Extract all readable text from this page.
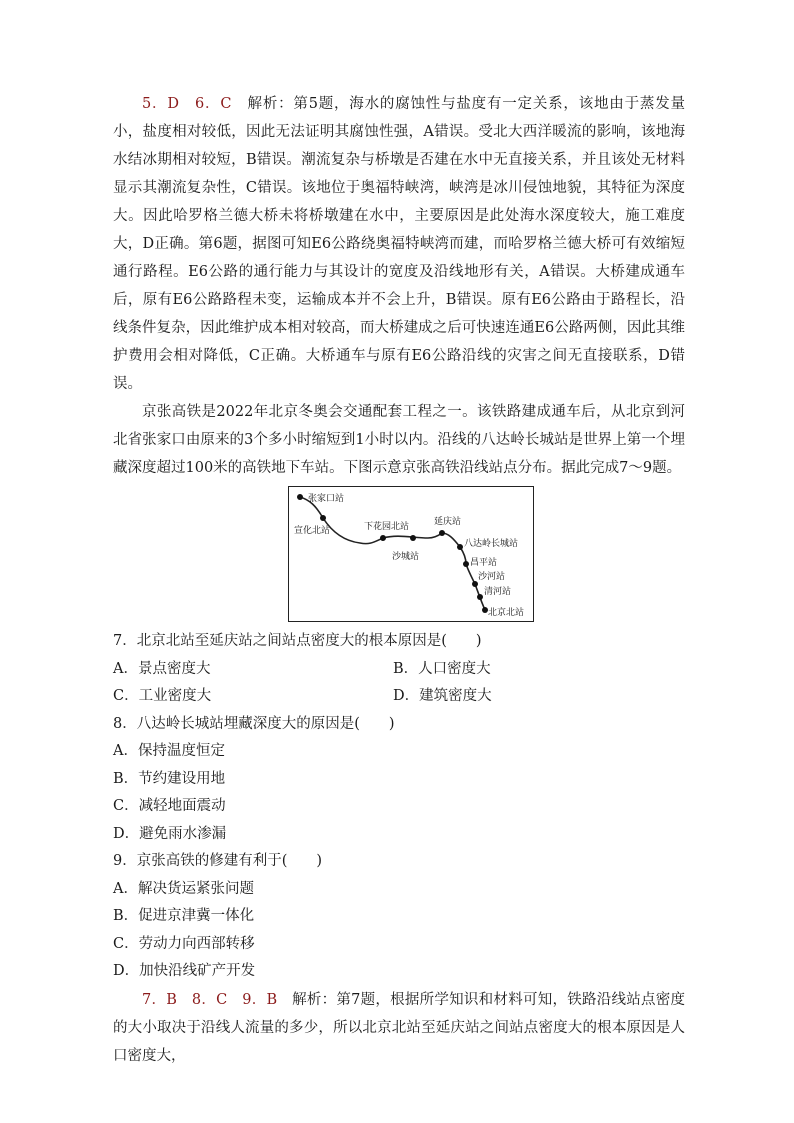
5．D　6．C　解析：第5题，海水的腐蚀性与盐度有一定关系，该地由于蒸发量小，盐度相对较低，因此无法证明其腐蚀性强，A错误。受北大西洋暖流的影响，该地海水结冰期相对较短，B错误。潮流复杂与桥墩是否建在水中无直接关系，并且该处无材料显示其潮流复杂性，C错误。该地位于奥福特峡湾，峡湾是冰川侵蚀地貌，其特征为深度大。因此哈罗格兰德大桥未将桥墩建在水中，主要原因是此处海水深度较大，施工难度大，D正确。第6题，据图可知E6公路绕奥福特峡湾而建，而哈罗格兰德大桥可有效缩短通行路程。E6公路的通行能力与其设计的宽度及沿线地形有关，A错误。大桥建成通车后，原有E6公路路程未变，运输成本并不会上升，B错误。原有E6公路由于路程长，沿线条件复杂，因此维护成本相对较高，而大桥建成之后可快速连通E6公路两侧，因此其维护费用会相对降低，C正确。大桥通车与原有E6公路沿线的灾害之间无直接联系，D错误。

京张高铁是2022年北京冬奥会交通配套工程之一。该铁路建成通车后，从北京到河北省张家口由原来的3个多小时缩短到1小时以内。沿线的八达岭长城站是世界上第一个埋藏深度超过100米的高铁地下车站。下图示意京张高铁沿线站点分布。据此完成7～9题。

张家口站
宣化北站	下花园北站
沙城站
延庆站
八达岭长城站
昌平站
沙河站
清河站
北京北站

7．北京北站至延庆站之间站点密度大的根本原因是(　　)

A．景点密度大	B．人口密度大

C．工业密度大	D．建筑密度大

8．八达岭长城站埋藏深度大的原因是(　　)

A．保持温度恒定

B．节约建设用地

C．减轻地面震动

D．避免雨水渗漏

9．京张高铁的修建有利于(　　)

A．解决货运紧张问题

B．促进京津冀一体化

C．劳动力向西部转移

D．加快沿线矿产开发

7．B　8．C　9．B　解析：第7题，根据所学知识和材料可知，铁路沿线站点密度的大小取决于沿线人流量的多少，所以北京北站至延庆站之间站点密度大的根本原因是人口密度大，
